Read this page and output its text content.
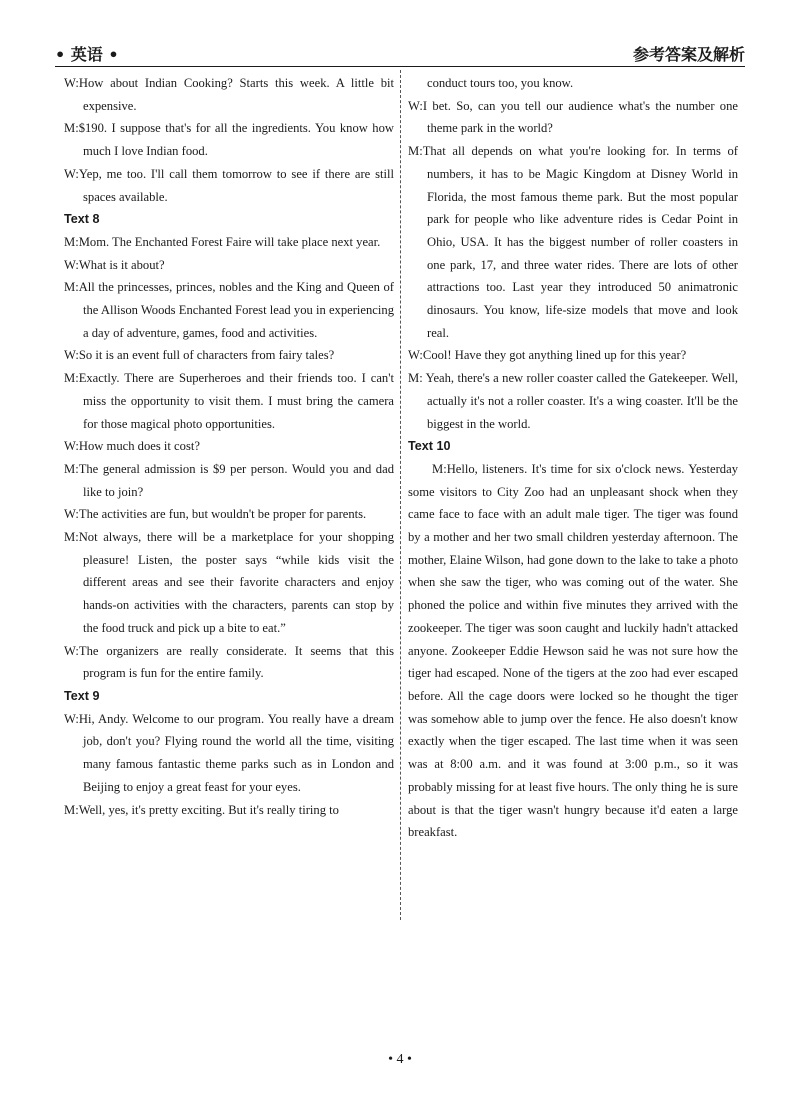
• 英语 •	参考答案及解析
W:How about Indian Cooking? Starts this week. A little bit expensive.
M:$190. I suppose that's for all the ingredients. You know how much I love Indian food.
W:Yep, me too. I'll call them tomorrow to see if there are still spaces available.
Text 8
M:Mom. The Enchanted Forest Faire will take place next year.
W:What is it about?
M:All the princesses, princes, nobles and the King and Queen of the Allison Woods Enchanted Forest lead you in experiencing a day of adventure, games, food and activities.
W:So it is an event full of characters from fairy tales?
M:Exactly. There are Superheroes and their friends too. I can't miss the opportunity to visit them. I must bring the camera for those magical photo opportunities.
W:How much does it cost?
M:The general admission is $9 per person. Would you and dad like to join?
W:The activities are fun, but wouldn't be proper for parents.
M:Not always, there will be a marketplace for your shopping pleasure! Listen, the poster says “while kids visit the different areas and see their favorite characters and enjoy hands-on activities with the characters, parents can stop by the food truck and pick up a bite to eat.”
W:The organizers are really considerate. It seems that this program is fun for the entire family.
Text 9
W:Hi, Andy. Welcome to our program. You really have a dream job, don't you? Flying round the world all the time, visiting many famous fantastic theme parks such as in London and Beijing to enjoy a great feast for your eyes.
M:Well, yes, it's pretty exciting. But it's really tiring to
conduct tours too, you know.
W:I bet. So, can you tell our audience what's the number one theme park in the world?
M:That all depends on what you're looking for. In terms of numbers, it has to be Magic Kingdom at Disney World in Florida, the most famous theme park. But the most popular park for people who like adventure rides is Cedar Point in Ohio, USA. It has the biggest number of roller coasters in one park, 17, and three water rides. There are lots of other attractions too. Last year they introduced 50 animatronic dinosaurs. You know, life-size models that move and look real.
W:Cool! Have they got anything lined up for this year?
M: Yeah, there's a new roller coaster called the Gatekeeper. Well, actually it's not a roller coaster. It's a wing coaster. It'll be the biggest in the world.
Text 10
M:Hello, listeners. It's time for six o'clock news. Yesterday some visitors to City Zoo had an unpleasant shock when they came face to face with an adult male tiger. The tiger was found by a mother and her two small children yesterday afternoon. The mother, Elaine Wilson, had gone down to the lake to take a photo when she saw the tiger, who was coming out of the water. She phoned the police and within five minutes they arrived with the zookeeper. The tiger was soon caught and luckily hadn't attacked anyone. Zookeeper Eddie Hewson said he was not sure how the tiger had escaped. None of the tigers at the zoo had ever escaped before. All the cage doors were locked so he thought the tiger was somehow able to jump over the fence. He also doesn't know exactly when the tiger escaped. The last time when it was seen was at 8:00 a.m. and it was found at 3:00 p.m., so it was probably missing for at least five hours. The only thing he is sure about is that the tiger wasn't hungry because it'd eaten a large breakfast.
• 4 •
